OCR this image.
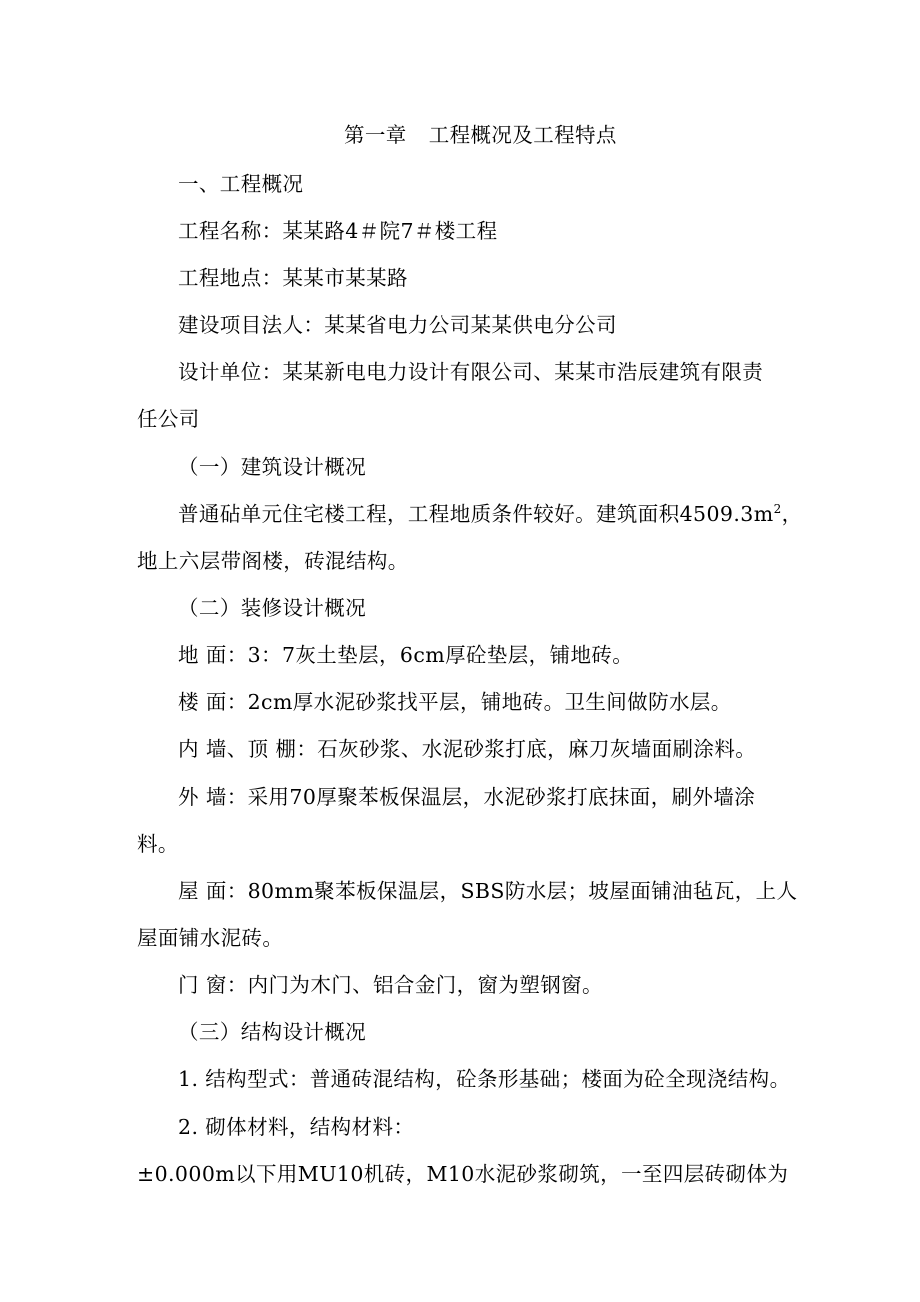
第一章 工程概况及工程特点
一、工程概况
工程名称：某某路4＃院7＃楼工程
工程地点：某某市某某路
建设项目法人：某某省电力公司某某供电分公司
设计单位：某某新电电力设计有限公司、某某市浩辰建筑有限责
任公司
（一）建筑设计概况
普通砧单元住宅楼工程，工程地质条件较好。建筑面积$4509.3m^2$，
地上六层带阁楼，砖混结构。
（二）装修设计概况
地 面：3：7灰土垫层，6cm厚砼垫层，铺地砖。
楼 面：2cm厚水泥砂浆找平层，铺地砖。卫生间做防水层。
内 墙、顶 棚：石灰砂浆、水泥砂浆打底，麻刀灰墙面刷涂料。
外 墙：采用70厚聚苯板保温层，水泥砂浆打底抹面，刷外墙涂
料。
屋 面：80mm聚苯板保温层，SBS防水层；坡屋面铺油毡瓦，上人
屋面铺水泥砖。
门 窗：内门为木门、铝合金门，窗为塑钢窗。
（三）结构设计概况
1. 结构型式：普通砖混结构，砼条形基础；楼面为砼全现浇结构。
2. 砌体材料，结构材料：
±0.000m以下用MU10机砖，M10水泥砂浆砌筑，一至四层砖砌体为
